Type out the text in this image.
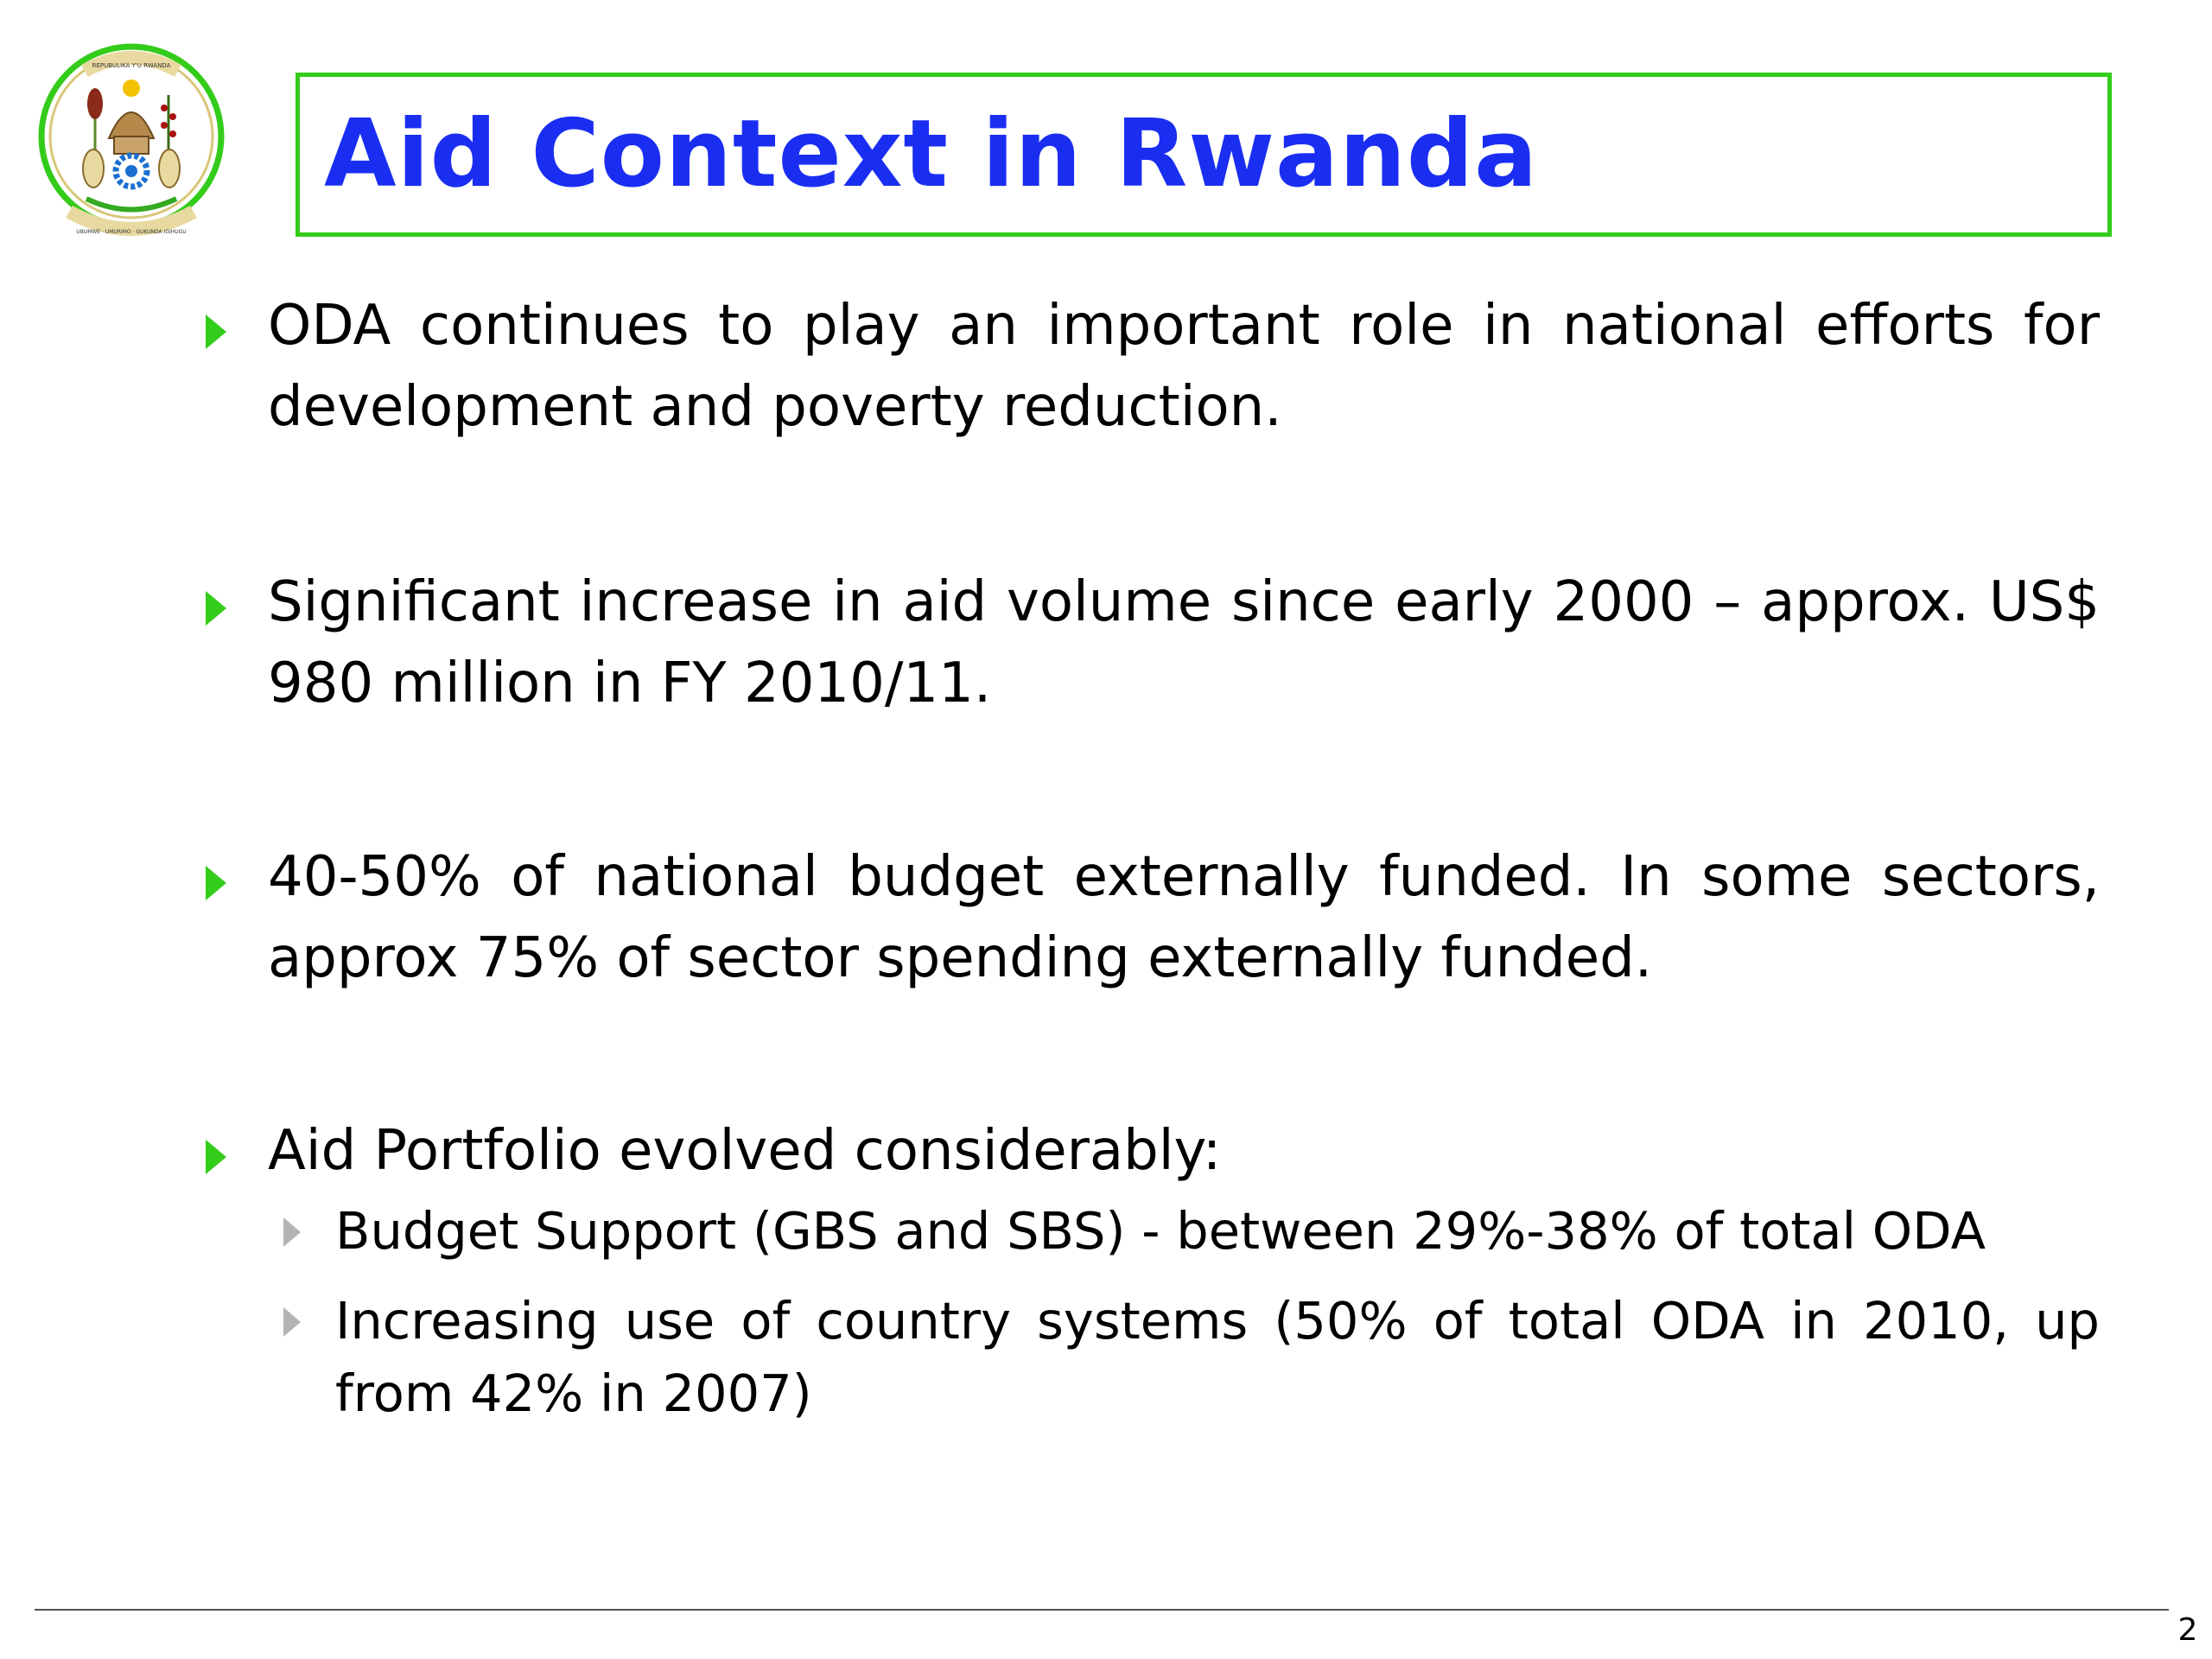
REPUBULIKA Y'U RWANDA
UBUMWE · UMURIMO · GUKUNDA IGIHUGU
Aid Context in Rwanda

ODA continues to play an important role in national efforts for development and poverty reduction.

Significant increase in aid volume since early 2000 – approx. US$ 980 million in FY 2010/11.

40-50% of national budget externally funded. In some sectors, approx 75% of sector spending externally funded.

Aid Portfolio evolved considerably:

Budget Support (GBS and SBS) - between 29%-38% of total ODA

Increasing use of country systems (50% of total ODA in 2010, up from 42% in 2007)

2
